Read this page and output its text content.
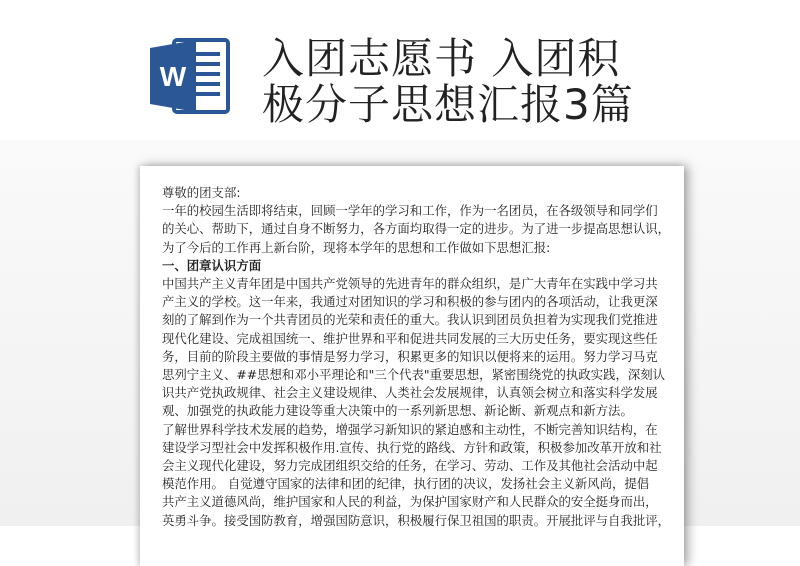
W 入团志愿书 入团积
极分子思想汇报3篇

尊敬的团支部:

一年的校园生活即将结束，回顾一学年的学习和工作，作为一名团员，在各级领导和同学们

的关心、帮助下，通过自身不断努力，各方面均取得一定的进步。为了进一步提高思想认识，

为了今后的工作再上新台阶，现将本学年的思想和工作做如下思想汇报:

一、团章认识方面

中国共产主义青年团是中国共产党领导的先进青年的群众组织，是广大青年在实践中学习共

产主义的学校。这一年来，我通过对团知识的学习和积极的参与团内的各项活动，让我更深

刻的了解到作为一个共青团员的光荣和责任的重大。我认识到团员负担着为实现我们党推进

现代化建设、完成祖国统一、维护世界和平和促进共同发展的三大历史任务，要实现这些任

务，目前的阶段主要做的事情是努力学习，积累更多的知识以便将来的运用。努力学习马克

思列宁主义、##思想和邓小平理论和"三个代表"重要思想，紧密围绕党的执政实践，深刻认

识共产党执政规律、社会主义建设规律、人类社会发展规律，认真领会树立和落实科学发展

观、加强党的执政能力建设等重大决策中的一系列新思想、新论断、新观点和新方法。

了解世界科学技术发展的趋势，增强学习新知识的紧迫感和主动性，不断完善知识结构，在

建设学习型社会中发挥积极作用.宣传、执行党的路线、方针和政策，积极参加改革开放和社

会主义现代化建设，努力完成团组织交给的任务，在学习、劳动、工作及其他社会活动中起

模范作用。 自觉遵守国家的法律和团的纪律，执行团的决议，发扬社会主义新风尚，提倡

共产主义道德风尚，维护国家和人民的利益，为保护国家财产和人民群众的安全挺身而出，

英勇斗争。接受国防教育，增强国防意识，积极履行保卫祖国的职责。开展批评与自我批评，
